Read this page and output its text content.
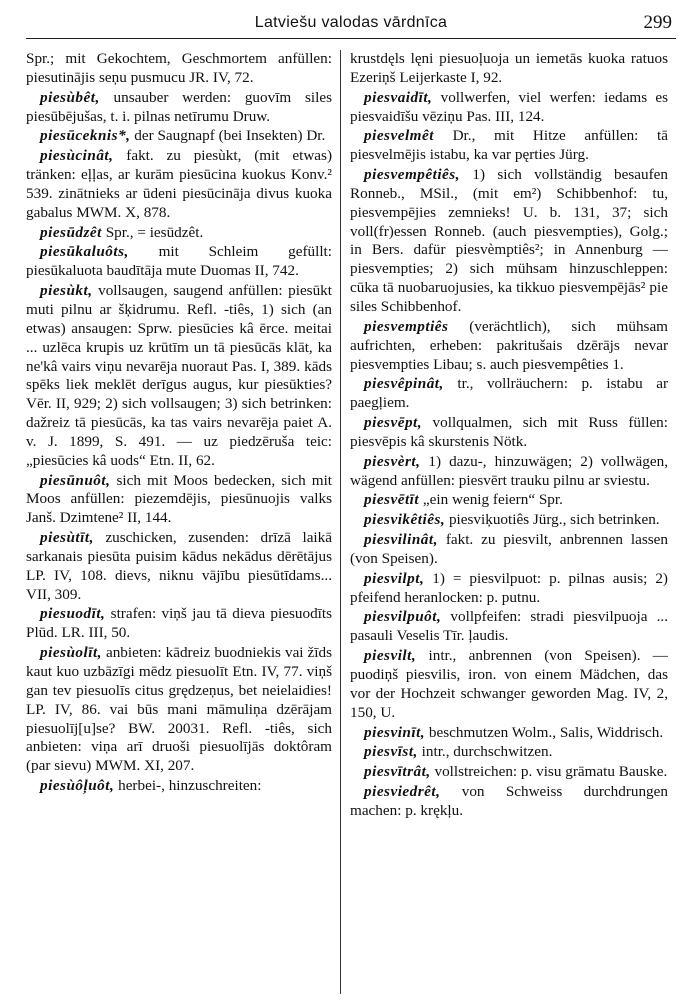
Latviešu valodas vārdnīca	299

Spr.; mit Gekochtem, Geschmortem anfüllen: piesutinājis seņu pusmucu JR. IV, 72.

piesùbêt, unsauber werden: guovīm siles piesūbējušas, t. i. pilnas netīrumu Druw.

piesūceknis*, der Saugnapf (bei Insekten) Dr.

piesùcinât, fakt. zu piesùkt, (mit etwas) tränken: eļļas, ar kurām piesūcina kuokus Konv.² 539. zinātnieks ar ūdeni piesūcināja divus kuoka gabalus MWM. X, 878.

piesūdzêt Spr., = iesūdzêt.

piesūkaluôts, mit Schleim gefüllt: piesūkaluota baudītāja mute Duomas II, 742.

piesùkt, vollsaugen, saugend anfüllen: piesūkt muti pilnu ar šķidrumu. Refl. -tiês, 1) sich (an etwas) ansaugen: Sprw. piesūcies kâ ērce. meitai ... uzlēca krupis uz krūtīm un tā piesūcās klāt, ka ne'kâ vairs viņu nevarēja nuoraut Pas. I, 389. kāds spēks liek meklēt derīgus augus, kur piesūkties? Vēr. II, 929; 2) sich vollsaugen; 3) sich betrinken: dažreiz tā piesūcās, ka tas vairs nevarēja paiet A. v. J. 1899, S. 491. — uz piedzēruša teic: „piesūcies kâ uods“ Etn. II, 62.

piesūnuôt, sich mit Moos bedecken, sich mit Moos anfüllen: piezemdējis, piesūnuojis valks Janš. Dzimtene² II, 144.

piesùtīt, zuschicken, zusenden: drīzā laikā sarkanais piesūta puisim kādus nekādus dērētājus LP. IV, 108. dievs, niknu vājību piesūtīdams... VII, 309.

piesuodīt, strafen: viņš jau tā dieva piesuodīts Plūd. LR. III, 50.

piesùolīt, anbieten: kādreiz buodniekis vai žīds kaut kuo uzbāzīgi mēdz piesuolīt Etn. IV, 77. viņš gan tev piesuolīs citus grędzeņus, bet neielaidies! LP. IV, 86. vai būs mani māmuliņa dzērājam piesuolīj[u]se? BW. 20031. Refl. -tiês, sich anbieten: viņa arī druoši piesuolījās doktôram (par sievu) MWM. XI, 207.

piesùôļuôt, herbei-, hinzuschreiten:

krustdęls lęni piesuoļuoja un iemetās kuoka ratuos Ezeriņš Leijerkaste I, 92.

piesvaidīt, vollwerfen, viel werfen: iedams es piesvaidīšu vēziņu Pas. III, 124.

piesvelmêt Dr., mit Hitze anfüllen: tā piesvelmējis istabu, ka var pęrties Jürg.

piesvempêtiês, 1) sich vollständig besaufen Ronneb., MSil., (mit em²) Schibbenhof: tu, piesvempējies zemnieks! U. b. 131, 37; sich voll(fr)essen Ronneb. (auch piesvempties), Golg.; in Bers. dafür piesvèmptiês²; in Annenburg — piesvempties; 2) sich mühsam hinzuschleppen: cūka tā nuobaruojusies, ka tikkuo piesvempējās² pie siles Schibbenhof.

piesvemptiês (verächtlich), sich mühsam aufrichten, erheben: pakritušais dzērājs nevar piesvempties Libau; s. auch piesvempêties 1.

piesvêpinât, tr., vollräuchern: p. istabu ar paegļiem.

piesvēpt, vollqualmen, sich mit Russ füllen: piesvēpis kâ skurstenis Nötk.

piesvèrt, 1) dazu-, hinzuwägen; 2) vollwägen, wägend anfüllen: piesvērt trauku pilnu ar sviestu.

piesvētīt „ein wenig feiern“ Spr.

piesvikêtiês, piesviķuotiês Jürg., sich betrinken.

piesvilinât, fakt. zu piesvilt, anbrennen lassen (von Speisen).

piesvilpt, 1) = piesvilpuot: p. pilnas ausis; 2) pfeifend heranlocken: p. putnu.

piesvilpuôt, vollpfeifen: stradi piesvilpuoja ... pasauli Veselis Tīr. ļaudis.

piesvilt, intr., anbrennen (von Speisen). — puodiņš piesvilis, iron. von einem Mädchen, das vor der Hochzeit schwanger geworden Mag. IV, 2, 150, U.

piesvinīt, beschmutzen Wolm., Salis, Widdrisch.

piesvīst, intr., durchschwitzen.

piesvītrât, vollstreichen: p. visu grāmatu Bauske.

piesviedrêt, von Schweiss durchdrungen machen: p. krękļu.
